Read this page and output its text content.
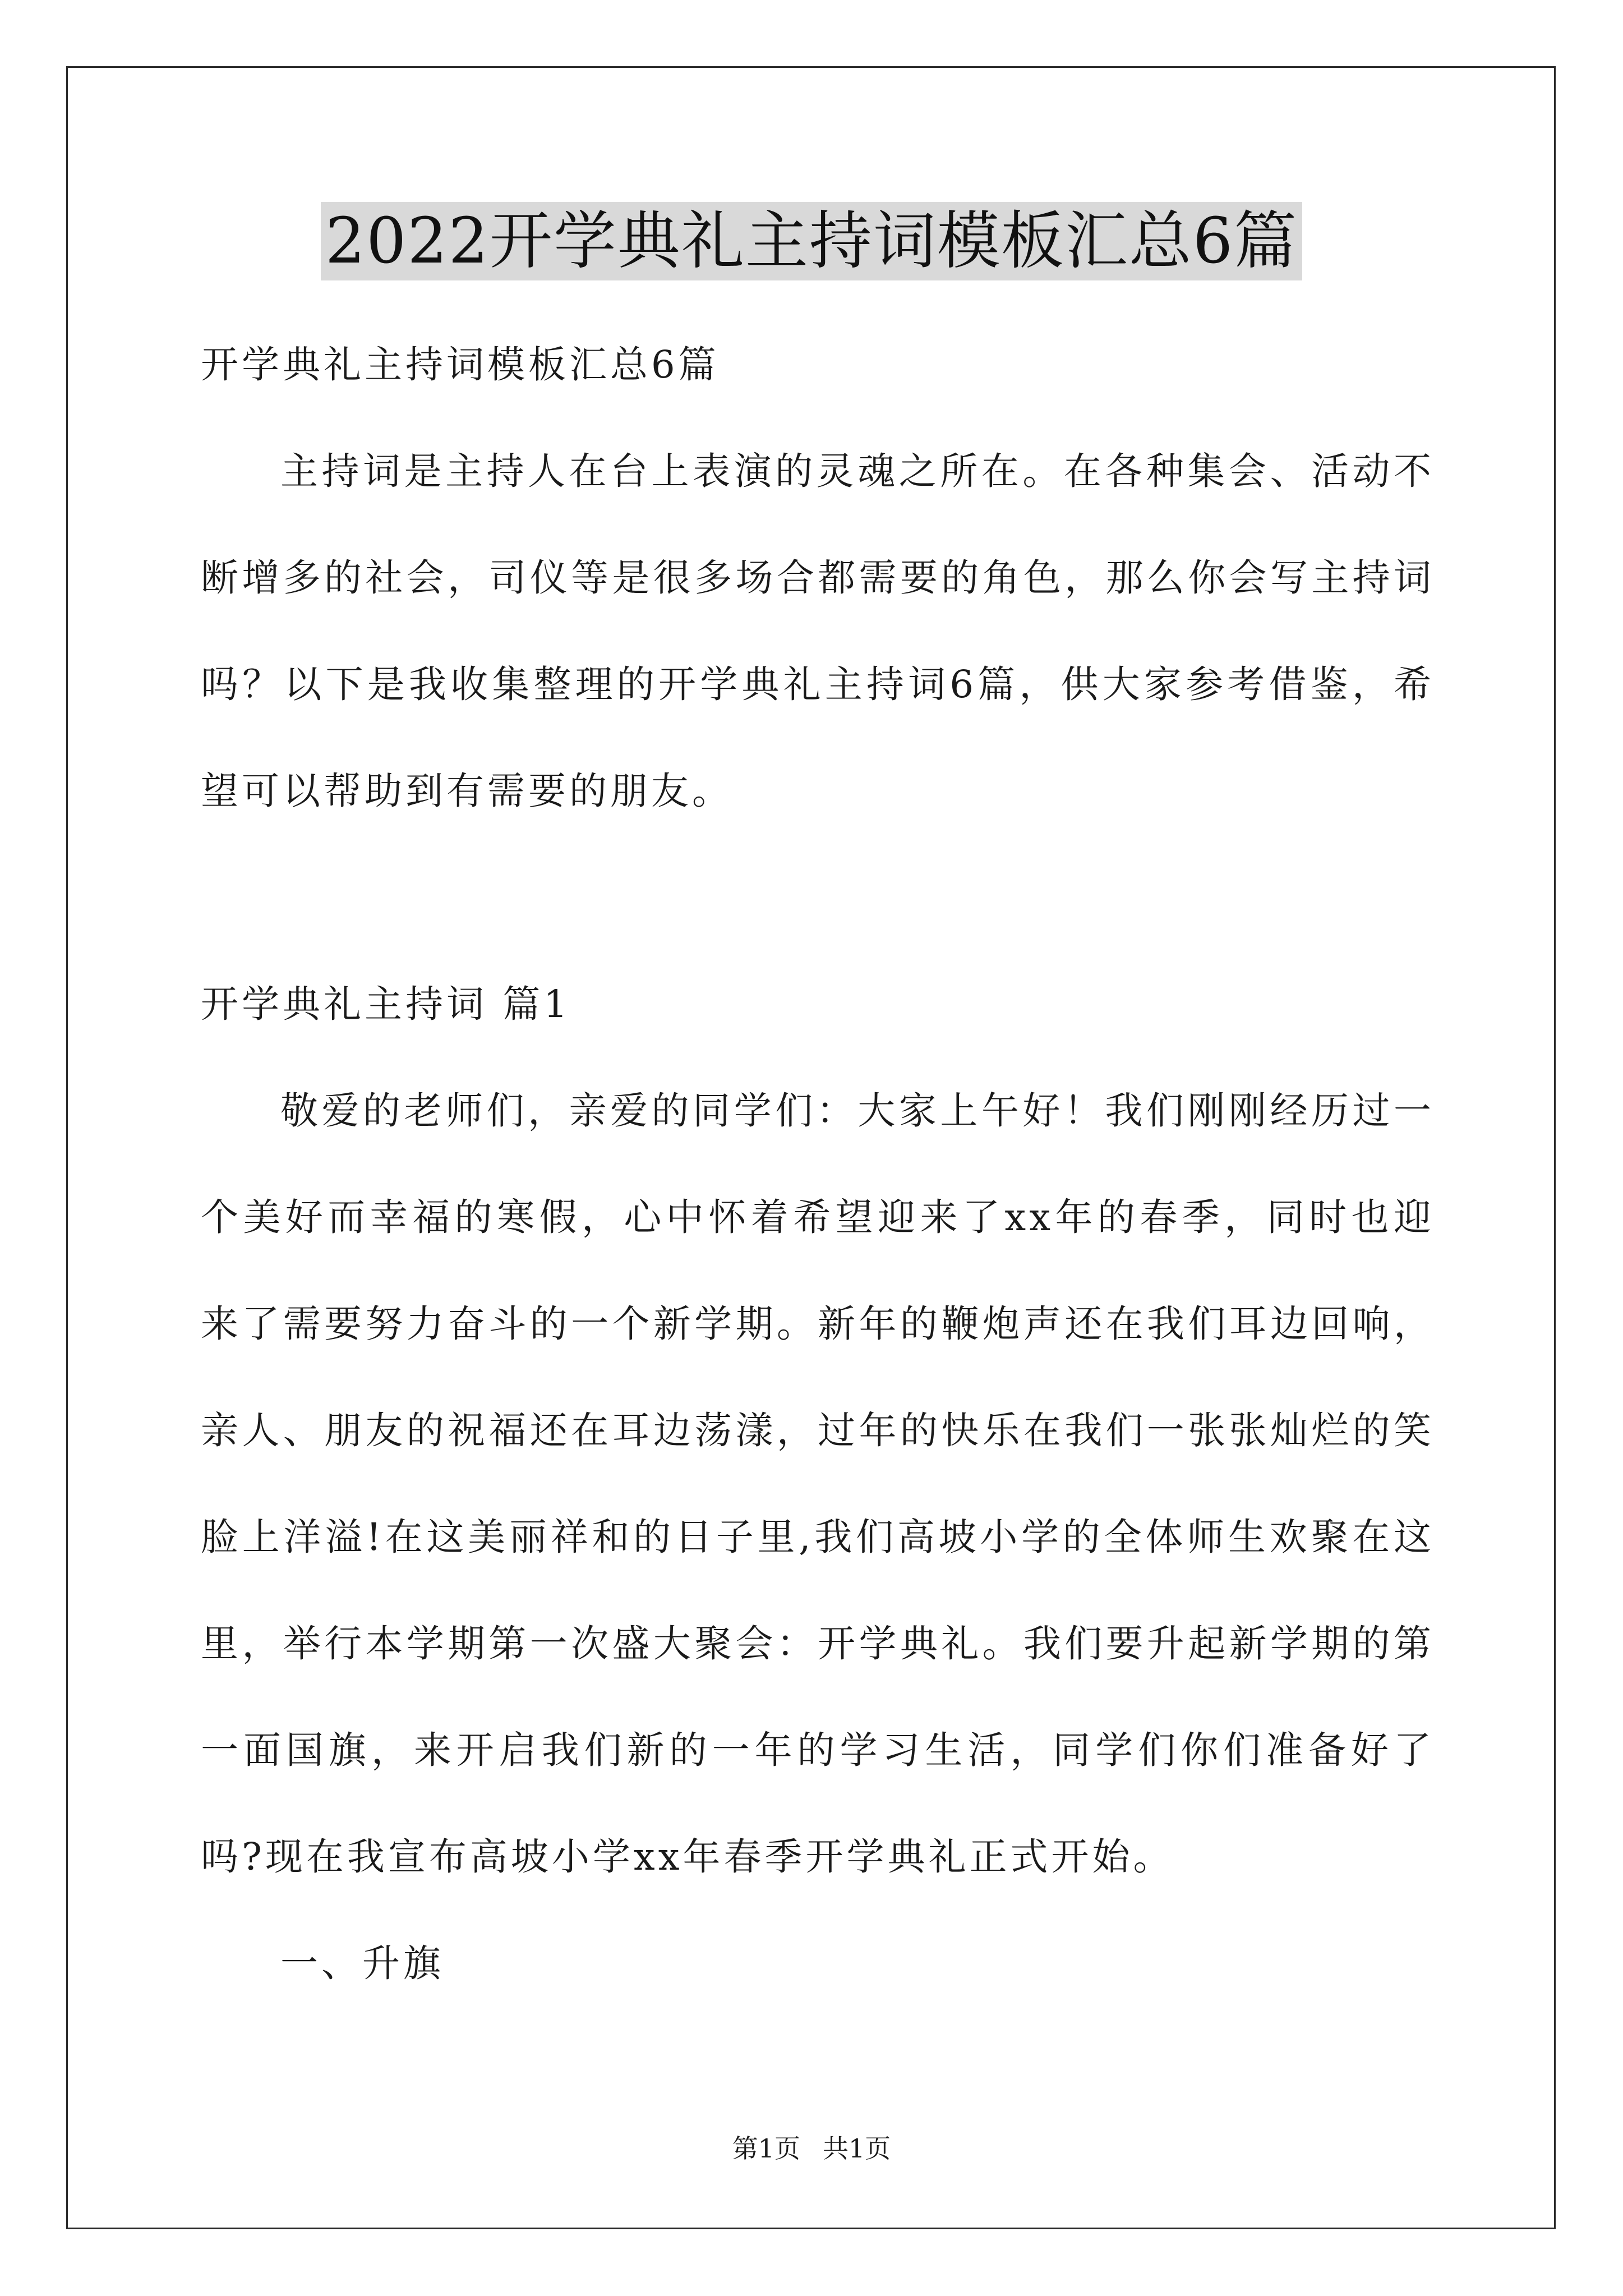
2022开学典礼主持词模板汇总6篇

开学典礼主持词模板汇总6篇

主持词是主持人在台上表演的灵魂之所在。在各种集会、活动不断增多的社会，司仪等是很多场合都需要的角色，那么你会写主持词吗？以下是我收集整理的开学典礼主持词6篇，供大家参考借鉴，希望可以帮助到有需要的朋友。

开学典礼主持词 篇1

敬爱的老师们，亲爱的同学们：大家上午好！我们刚刚经历过一个美好而幸福的寒假，心中怀着希望迎来了xx年的春季，同时也迎来了需要努力奋斗的一个新学期。新年的鞭炮声还在我们耳边回响，亲人、朋友的祝福还在耳边荡漾，过年的快乐在我们一张张灿烂的笑脸上洋溢!在这美丽祥和的日子里,我们高坡小学的全体师生欢聚在这里，举行本学期第一次盛大聚会：开学典礼。我们要升起新学期的第一面国旗，来开启我们新的一年的学习生活，同学们你们准备好了吗?现在我宣布高坡小学xx年春季开学典礼正式开始。

一、升旗

第1页 共1页
